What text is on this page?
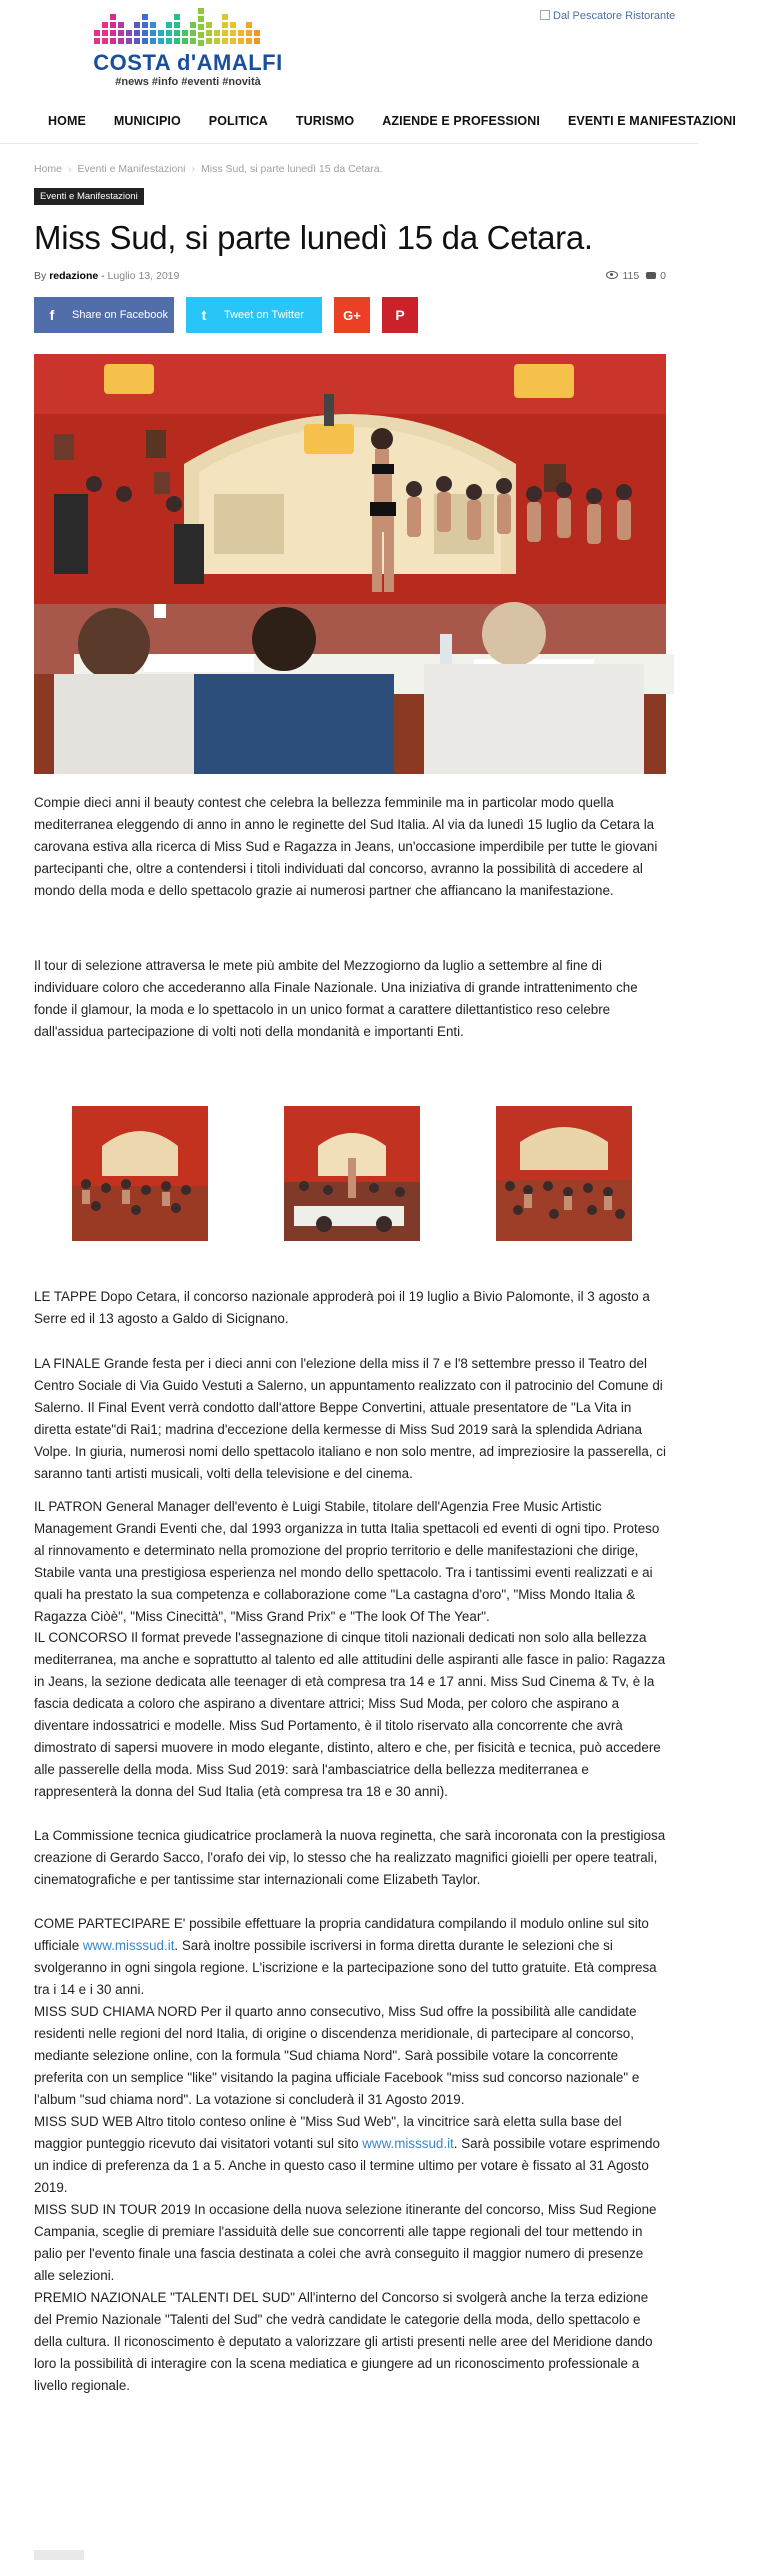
COSTA d'AMALFI
#news #info #eventi #novità
Dal Pescatore Ristorante
HOME MUNICIPIO POLITICA TURISMO AZIENDE E PROFESSIONI EVENTI E MANIFESTAZIONI
Home › Eventi e Manifestazioni › Miss Sud, si parte lunedì 15 da Cetara.
Eventi e Manifestazioni
Miss Sud, si parte lunedì 15 da Cetara.
By redazione - Luglio 13, 2019	115 0
f	Share on Facebook	t	Tweet on Twitter	G+ P

Compie dieci anni il beauty contest che celebra la bellezza femminile ma in particolar modo quella mediterranea eleggendo di anno in anno le reginette del Sud Italia. Al via da lunedì 15 luglio da Cetara la carovana estiva alla ricerca di Miss Sud e Ragazza in Jeans, un'occasione imperdibile per tutte le giovani partecipanti che, oltre a contendersi i titoli individuati dal concorso, avranno la possibilità di accedere al mondo della moda e dello spettacolo grazie ai numerosi partner che affiancano la manifestazione.

Il tour di selezione attraversa le mete più ambite del Mezzogiorno da luglio a settembre al fine di individuare coloro che accederanno alla Finale Nazionale. Una iniziativa di grande intrattenimento che fonde il glamour, la moda e lo spettacolo in un unico format a carattere dilettantistico reso celebre dall'assidua partecipazione di volti noti della mondanità e importanti Enti.

LE TAPPE Dopo Cetara, il concorso nazionale approderà poi il 19 luglio a Bivio Palomonte, il 3 agosto a Serre ed il 13 agosto a Galdo di Sicignano.

LA FINALE Grande festa per i dieci anni con l'elezione della miss il 7 e l'8 settembre presso il Teatro del Centro Sociale di Via Guido Vestuti a Salerno, un appuntamento realizzato con il patrocinio del Comune di Salerno. Il Final Event verrà condotto dall'attore Beppe Convertini, attuale presentatore de "La Vita in diretta estate"di Rai1; madrina d'eccezione della kermesse di Miss Sud 2019 sarà la splendida Adriana Volpe. In giuria, numerosi nomi dello spettacolo italiano e non solo mentre, ad impreziosire la passerella, ci saranno tanti artisti musicali, volti della televisione e del cinema.

IL PATRON General Manager dell'evento è Luigi Stabile, titolare dell'Agenzia Free Music Artistic Management Grandi Eventi che, dal 1993 organizza in tutta Italia spettacoli ed eventi di ogni tipo. Proteso al rinnovamento e determinato nella promozione del proprio territorio e delle manifestazioni che dirige, Stabile vanta una prestigiosa esperienza nel mondo dello spettacolo. Tra i tantissimi eventi realizzati e ai quali ha prestato la sua competenza e collaborazione come "La castagna d'oro", "Miss Mondo Italia & Ragazza Ciòè", "Miss Cinecittà", "Miss Grand Prix" e "The look Of The Year".

IL CONCORSO Il format prevede l'assegnazione di cinque titoli nazionali dedicati non solo alla bellezza mediterranea, ma anche e soprattutto al talento ed alle attitudini delle aspiranti alle fasce in palio: Ragazza in Jeans, la sezione dedicata alle teenager di età compresa tra 14 e 17 anni. Miss Sud Cinema & Tv, è la fascia dedicata a coloro che aspirano a diventare attrici; Miss Sud Moda, per coloro che aspirano a diventare indossatrici e modelle. Miss Sud Portamento, è il titolo riservato alla concorrente che avrà dimostrato di sapersi muovere in modo elegante, distinto, altero e che, per fisicità e tecnica, può accedere alle passerelle della moda. Miss Sud 2019: sarà l'ambasciatrice della bellezza mediterranea e rappresenterà la donna del Sud Italia (età compresa tra 18 e 30 anni).

La Commissione tecnica giudicatrice proclamerà la nuova reginetta, che sarà incoronata con la prestigiosa creazione di Gerardo Sacco, l'orafo dei vip, lo stesso che ha realizzato magnifici gioielli per opere teatrali, cinematografiche e per tantissime star internazionali come Elizabeth Taylor.

COME PARTECIPARE E' possibile effettuare la propria candidatura compilando il modulo online sul sito ufficiale www.misssud.it. Sarà inoltre possibile iscriversi in forma diretta durante le selezioni che si svolgeranno in ogni singola regione. L'iscrizione e la partecipazione sono del tutto gratuite. Età compresa tra i 14 e i 30 anni.

MISS SUD CHIAMA NORD Per il quarto anno consecutivo, Miss Sud offre la possibilità alle candidate residenti nelle regioni del nord Italia, di origine o discendenza meridionale, di partecipare al concorso, mediante selezione online, con la formula "Sud chiama Nord". Sarà possibile votare la concorrente preferita con un semplice "like" visitando la pagina ufficiale Facebook "miss sud concorso nazionale" e l'album "sud chiama nord". La votazione si concluderà il 31 Agosto 2019.

MISS SUD WEB Altro titolo conteso online è "Miss Sud Web", la vincitrice sarà eletta sulla base del maggior punteggio ricevuto dai visitatori votanti sul sito www.misssud.it. Sarà possibile votare esprimendo un indice di preferenza da 1 a 5. Anche in questo caso il termine ultimo per votare è fissato al 31 Agosto 2019.

MISS SUD IN TOUR 2019 In occasione della nuova selezione itinerante del concorso, Miss Sud Regione Campania, sceglie di premiare l'assiduità delle sue concorrenti alle tappe regionali del tour mettendo in palio per l'evento finale una fascia destinata a colei che avrà conseguito il maggior numero di presenze alle selezioni.

PREMIO NAZIONALE "TALENTI DEL SUD" All'interno del Concorso si svolgerà anche la terza edizione del Premio Nazionale "Talenti del Sud" che vedrà candidate le categorie della moda, dello spettacolo e della cultura. Il riconoscimento è deputato a valorizzare gli artisti presenti nelle aree del Meridione dando loro la possibilità di interagire con la scena mediatica e giungere ad un riconoscimento professionale a livello regionale.
